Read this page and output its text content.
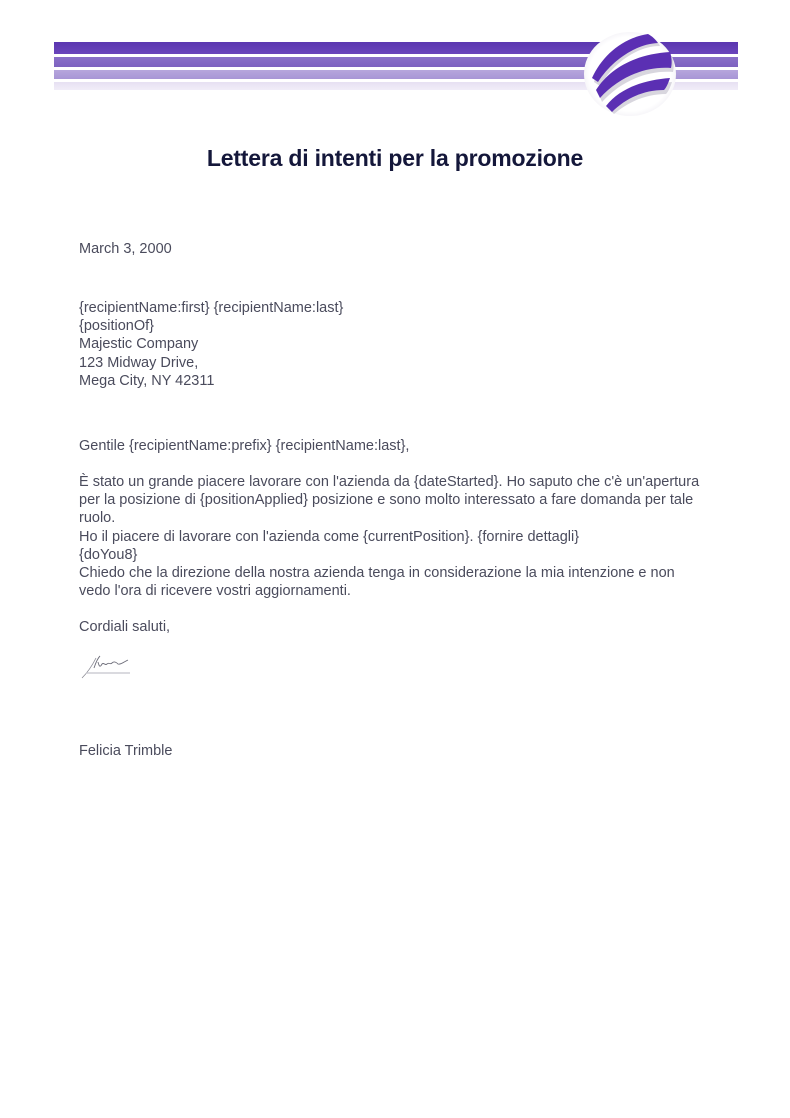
Lettera di intenti per la promozione
March 3, 2000
{recipientName:first} {recipientName:last}
{positionOf}
Majestic Company
123 Midway Drive,
Mega City, NY 42311
Gentile {recipientName:prefix} {recipientName:last},
È stato un grande piacere lavorare con l'azienda da {dateStarted}. Ho saputo che c'è un'apertura
per la posizione di {positionApplied} posizione e sono molto interessato a fare domanda per tale
ruolo.
Ho il piacere di lavorare con l'azienda come {currentPosition}. {fornire dettagli}
{doYou8}
Chiedo che la direzione della nostra azienda tenga in considerazione la mia intenzione e non
vedo l'ora di ricevere vostri aggiornamenti.
Cordiali saluti,
Felicia Trimble
